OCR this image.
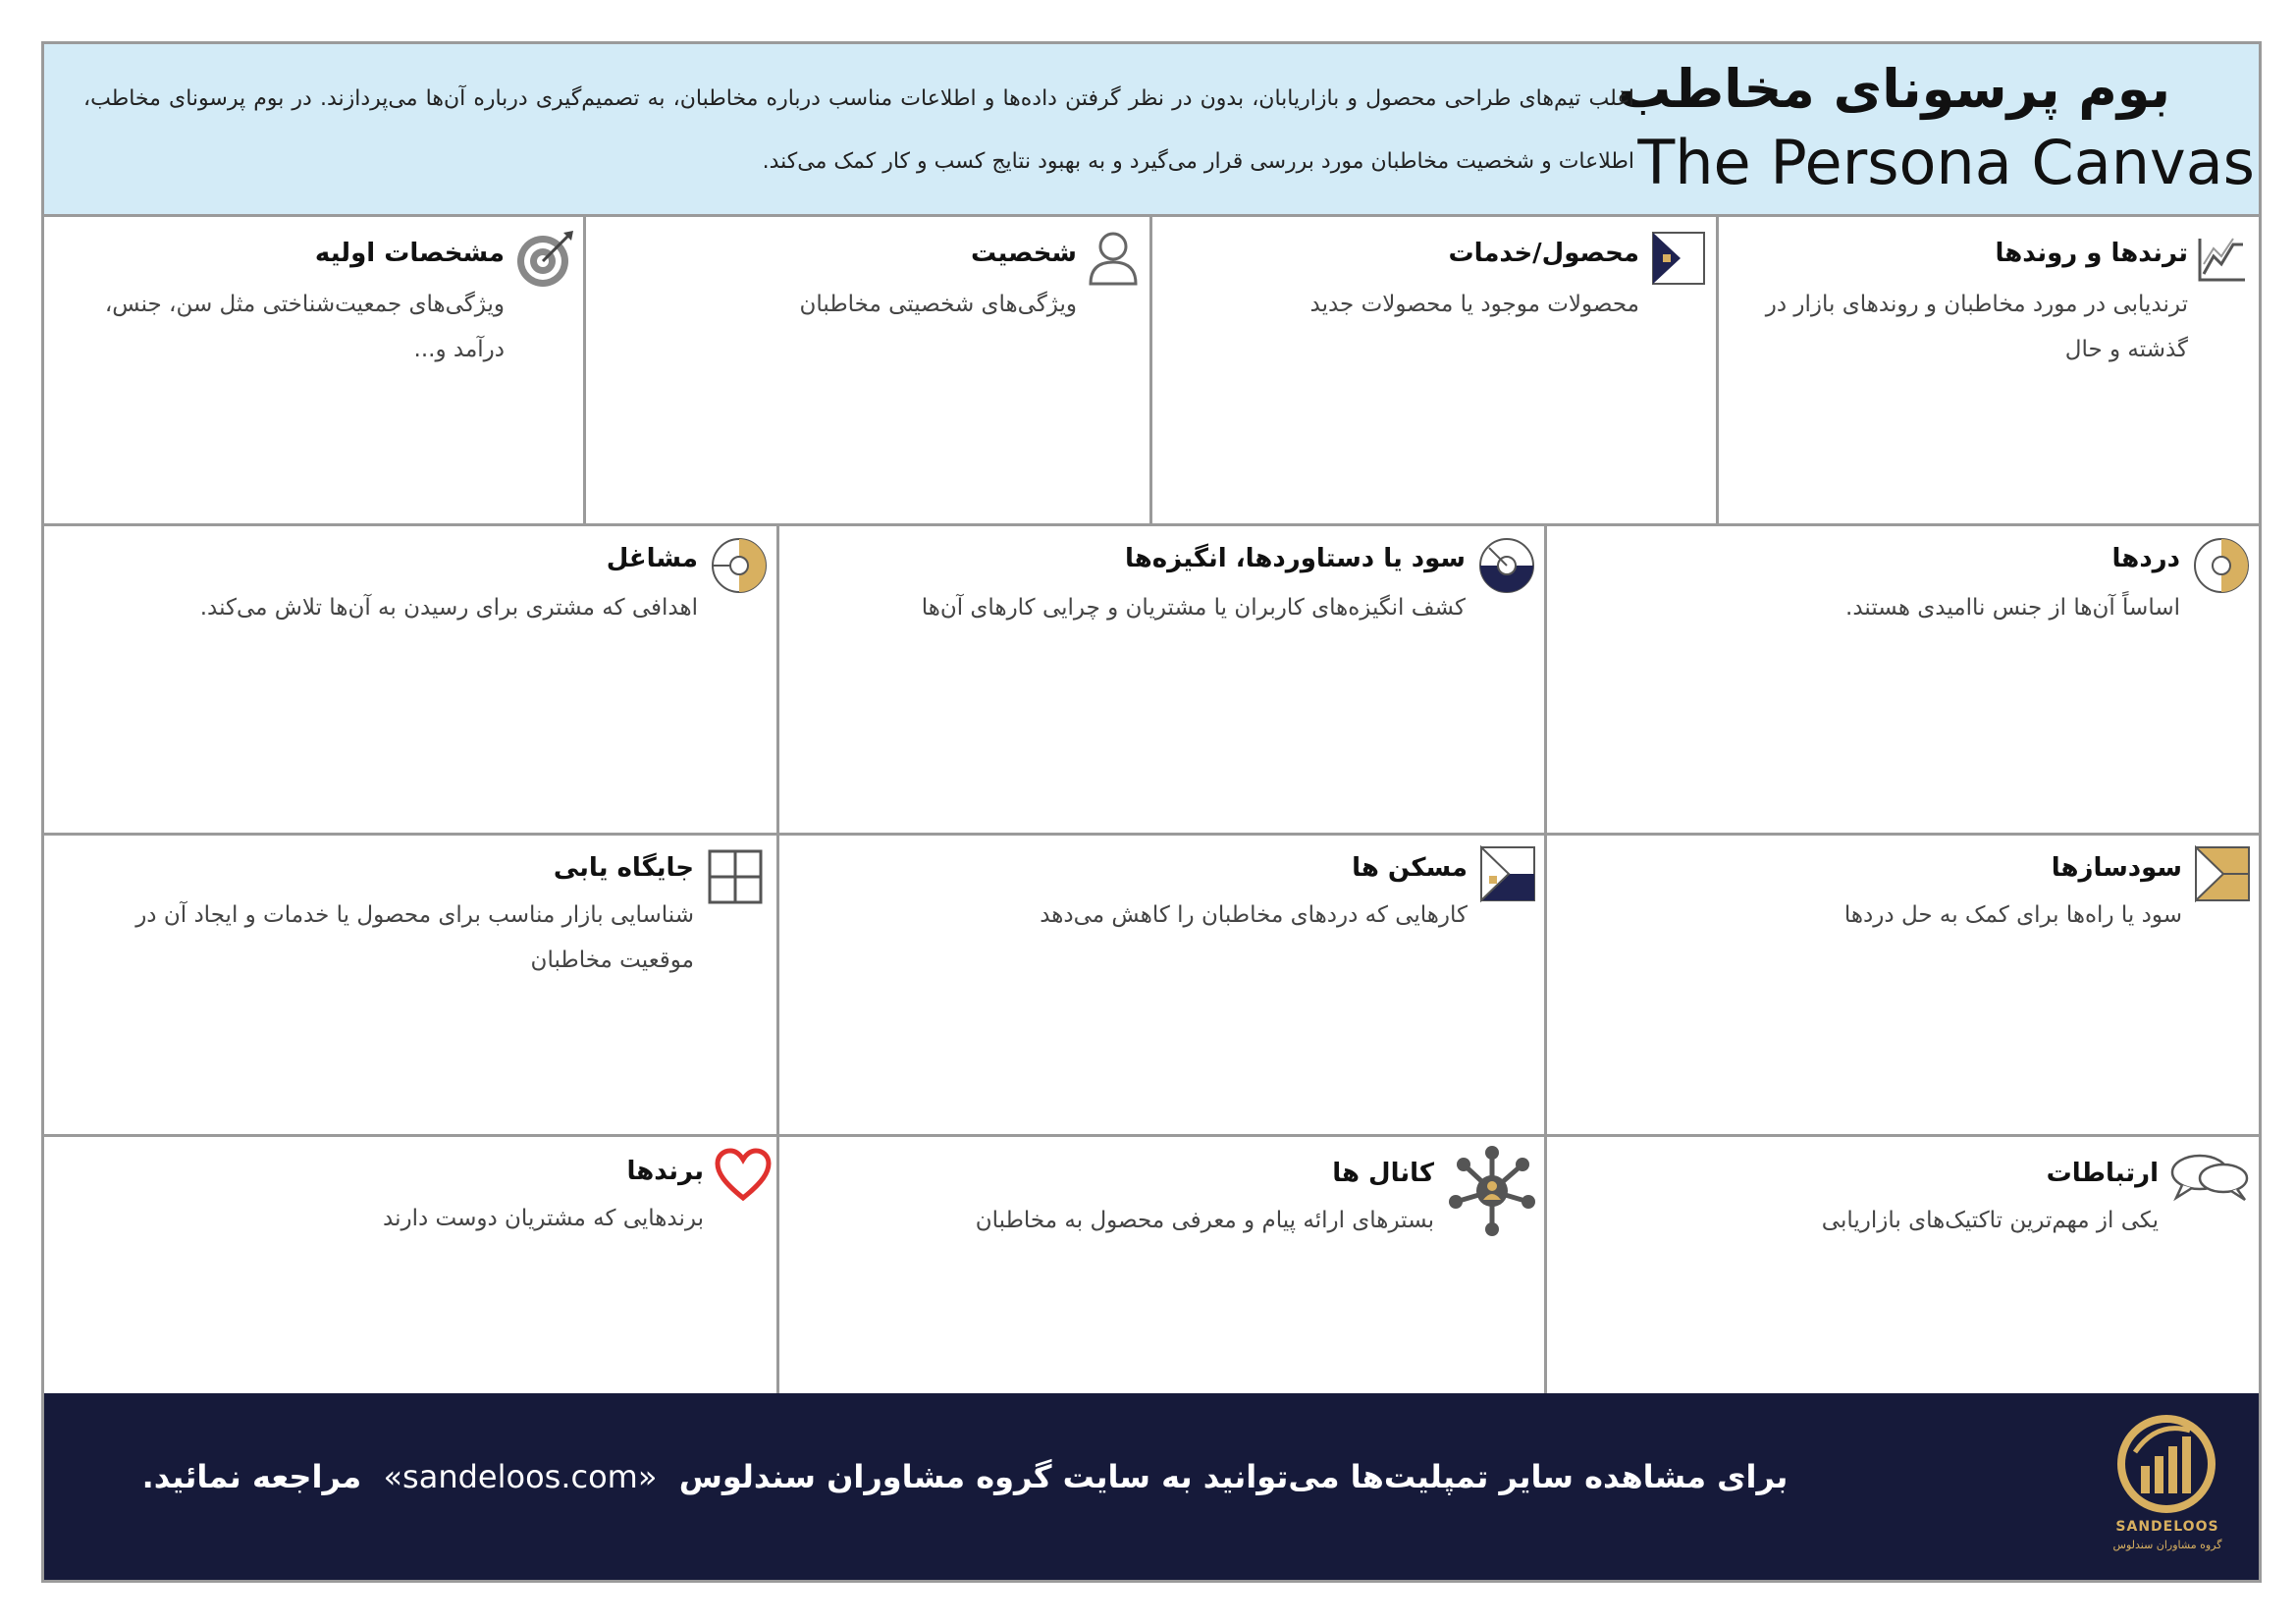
بوم پرسونای مخاطب
The Persona Canvas
اغلب تیم‌های طراحی محصول و بازاریابان، بدون در نظر گرفتن داده‌ها و اطلاعات مناسب درباره مخاطبان، به تصمیم‌گیری درباره آن‌ها می‌پردازند. در بوم پرسونای مخاطب، اطلاعات و شخصیت مخاطبان مورد بررسی قرار می‌گیرد و به بهبود نتایج کسب و کار کمک می‌کند.
ترندها و روندها
ترندیابی در مورد مخاطبان و روندهای بازار در گذشته و حال
محصول/خدمات
محصولات موجود یا محصولات جدید
شخصیت
ویژگی‌های شخصیتی مخاطبان
مشخصات اولیه
ویژگی‌های جمعیت‌شناختی مثل سن، جنس، درآمد و...
دردها
اساساً آن‌ها از جنس ناامیدی هستند.
سود یا دستاوردها، انگیزه‌ها
کشف انگیزه‌های کاربران یا مشتریان و چرایی کارهای آن‌ها
مشاغل
اهدافی که مشتری برای رسیدن به آن‌ها تلاش می‌کند.
سودسازها
سود یا راه‌ها برای کمک به حل دردها
مسکن ها
کارهایی که دردهای مخاطبان را کاهش می‌دهد
جایگاه یابی
شناسایی بازار مناسب برای محصول یا خدمات و ایجاد آن در موقعیت مخاطبان
ارتباطات
یکی از مهم‌ترین تاکتیک‌های بازاریابی
کانال ها
بسترهای ارائه پیام و معرفی محصول به مخاطبان
برندها
برندهایی که مشتریان دوست دارند
برای مشاهده سایر تمپلیت‌ها می‌توانید به سایت گروه مشاوران سندلوس  «sandeloos.com»  مراجعه نمائید.
SANDELOOS
گروه مشاوران سندلوس
